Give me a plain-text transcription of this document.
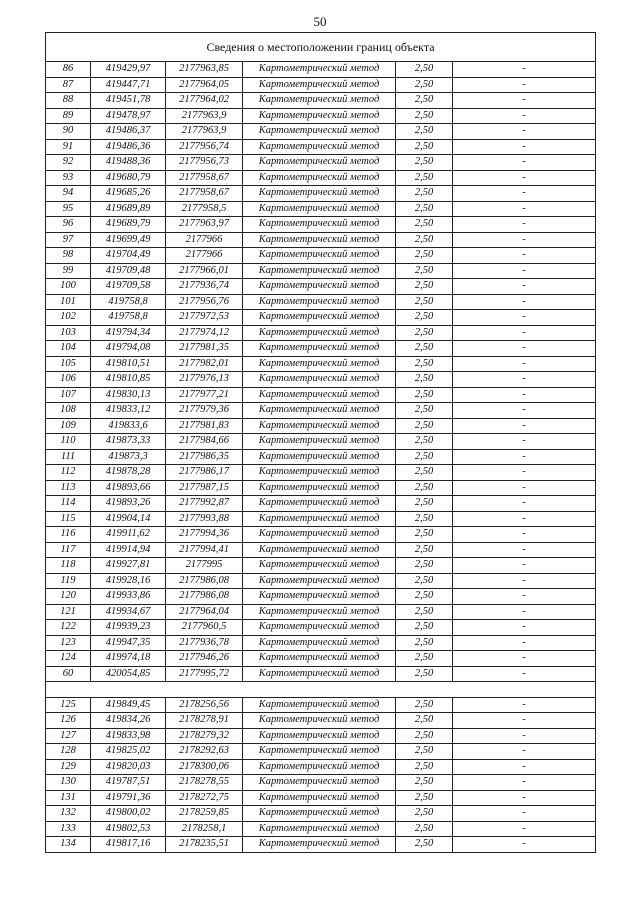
50
Сведения о местоположении границ объекта					
86	419429,97	2177963,85	Картометрический метод	2,50	-
87	419447,71	2177964,05	Картометрический метод	2,50	-
88	419451,78	2177964,02	Картометрический метод	2,50	-
89	419478,97	2177963,9	Картометрический метод	2,50	-
90	419486,37	2177963,9	Картометрический метод	2,50	-
91	419486,36	2177956,74	Картометрический метод	2,50	-
92	419488,36	2177956,73	Картометрический метод	2,50	-
93	419680,79	2177958,67	Картометрический метод	2,50	-
94	419685,26	2177958,67	Картометрический метод	2,50	-
95	419689,89	2177958,5	Картометрический метод	2,50	-
96	419689,79	2177963,97	Картометрический метод	2,50	-
97	419699,49	2177966	Картометрический метод	2,50	-
98	419704,49	2177966	Картометрический метод	2,50	-
99	419709,48	2177966,01	Картометрический метод	2,50	-
100	419709,58	2177936,74	Картометрический метод	2,50	-
101	419758,8	2177956,76	Картометрический метод	2,50	-
102	419758,8	2177972,53	Картометрический метод	2,50	-
103	419794,34	2177974,12	Картометрический метод	2,50	-
104	419794,08	2177981,35	Картометрический метод	2,50	-
105	419810,51	2177982,01	Картометрический метод	2,50	-
106	419810,85	2177976,13	Картометрический метод	2,50	-
107	419830,13	2177977,21	Картометрический метод	2,50	-
108	419833,12	2177979,36	Картометрический метод	2,50	-
109	419833,6	2177981,83	Картометрический метод	2,50	-
110	419873,33	2177984,66	Картометрический метод	2,50	-
111	419873,3	2177986,35	Картометрический метод	2,50	-
112	419878,28	2177986,17	Картометрический метод	2,50	-
113	419893,66	2177987,15	Картометрический метод	2,50	-
114	419893,26	2177992,87	Картометрический метод	2,50	-
115	419904,14	2177993,88	Картометрический метод	2,50	-
116	419911,62	2177994,36	Картометрический метод	2,50	-
117	419914,94	2177994,41	Картометрический метод	2,50	-
118	419927,81	2177995	Картометрический метод	2,50	-
119	419928,16	2177986,08	Картометрический метод	2,50	-
120	419933,86	2177986,08	Картометрический метод	2,50	-
121	419934,67	2177964,04	Картометрический метод	2,50	-
122	419939,23	2177960,5	Картометрический метод	2,50	-
123	419947,35	2177936,78	Картометрический метод	2,50	-
124	419974,18	2177946,26	Картометрический метод	2,50	-
60	420054,85	2177995,72	Картометрический метод	2,50	-

125	419849,45	2178256,56	Картометрический метод	2,50	-
126	419834,26	2178278,91	Картометрический метод	2,50	-
127	419833,98	2178279,32	Картометрический метод	2,50	-
128	419825,02	2178292,63	Картометрический метод	2,50	-
129	419820,03	2178300,06	Картометрический метод	2,50	-
130	419787,51	2178278,55	Картометрический метод	2,50	-
131	419791,36	2178272,75	Картометрический метод	2,50	-
132	419800,02	2178259,85	Картометрический метод	2,50	-
133	419802,53	2178258,1	Картометрический метод	2,50	-
134	419817,16	2178235,51	Картометрический метод	2,50	-
